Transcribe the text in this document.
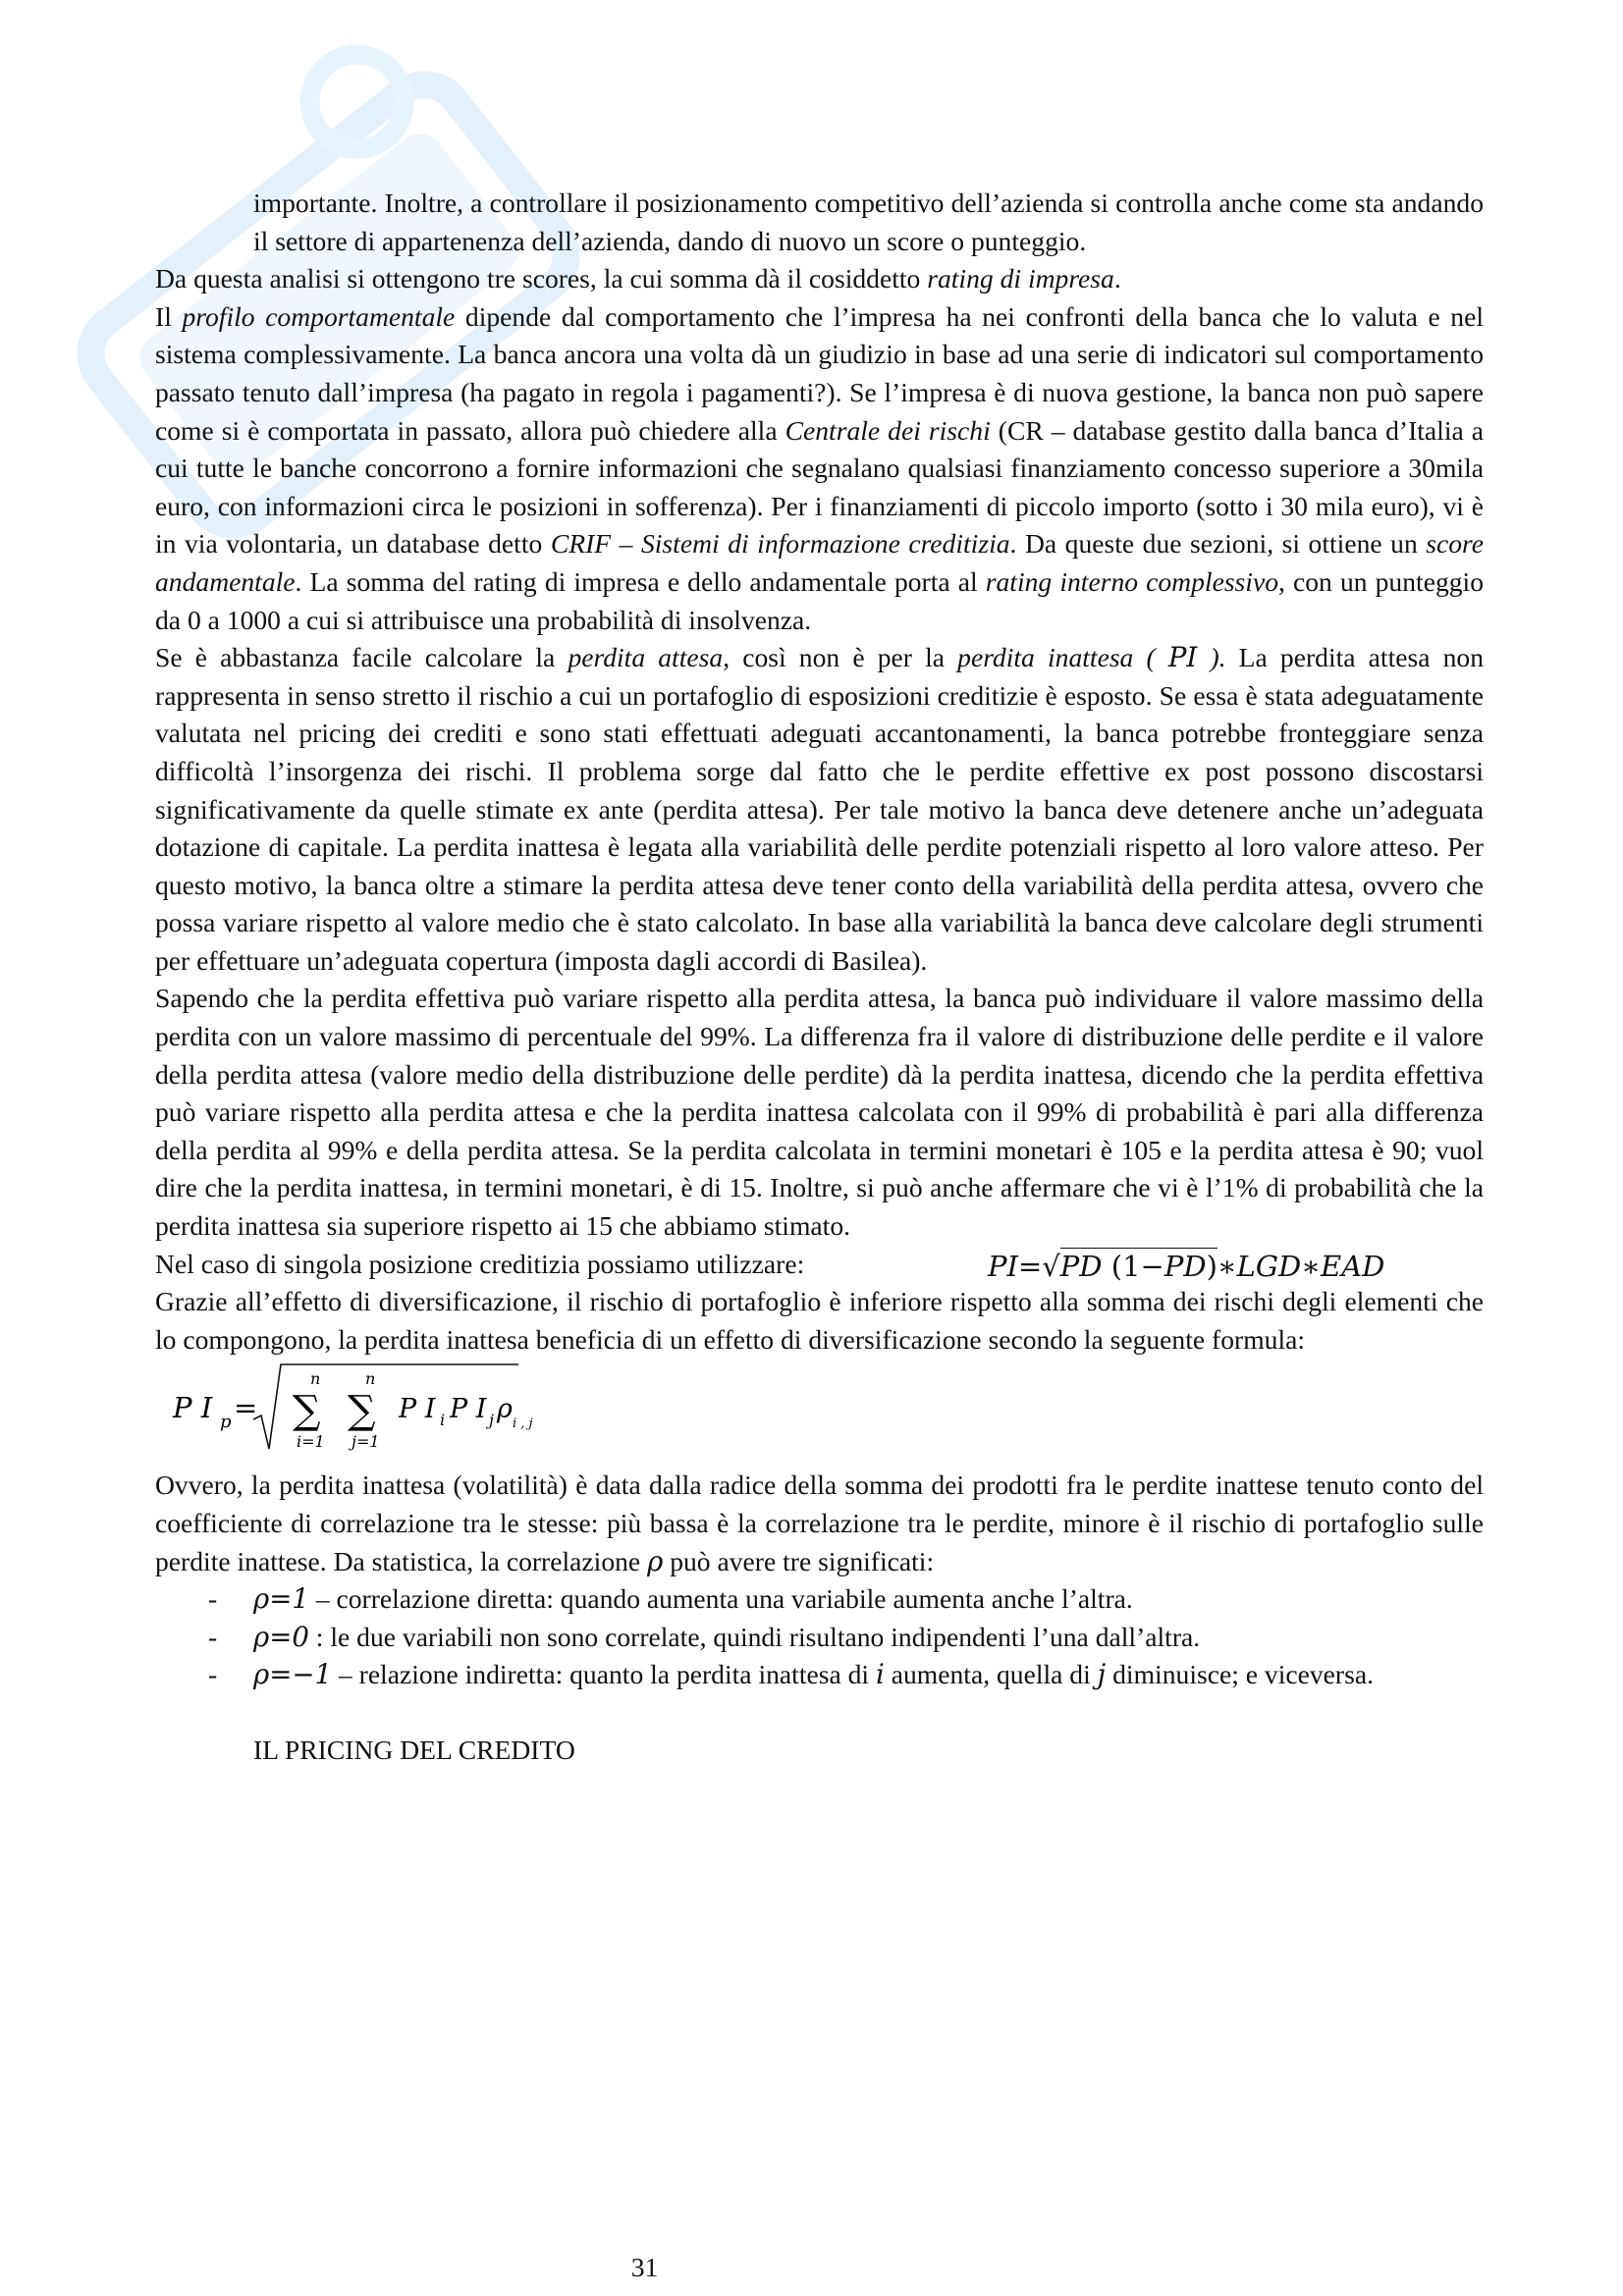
importante. Inoltre, a controllare il posizionamento competitivo dell’azienda si controlla anche come sta andando il settore di appartenenza dell’azienda, dando di nuovo un score o punteggio.

Da questa analisi si ottengono tre scores, la cui somma dà il cosiddetto rating di impresa.

Il profilo comportamentale dipende dal comportamento che l’impresa ha nei confronti della banca che lo valuta e nel sistema complessivamente. La banca ancora una volta dà un giudizio in base ad una serie di indicatori sul comportamento passato tenuto dall’impresa (ha pagato in regola i pagamenti?). Se l’impresa è di nuova gestione, la banca non può sapere come si è comportata in passato, allora può chiedere alla Centrale dei rischi (CR – database gestito dalla banca d’Italia a cui tutte le banche concorrono a fornire informazioni che segnalano qualsiasi finanziamento concesso superiore a 30mila euro, con informazioni circa le posizioni in sofferenza). Per i finanziamenti di piccolo importo (sotto i 30 mila euro), vi è in via volontaria, un database detto CRIF – Sistemi di informazione creditizia. Da queste due sezioni, si ottiene un score andamentale. La somma del rating di impresa e dello andamentale porta al rating interno complessivo, con un punteggio da 0 a 1000 a cui si attribuisce una probabilità di insolvenza.

Se è abbastanza facile calcolare la perdita attesa, così non è per la perdita inattesa ( PI ). La perdita attesa non rappresenta in senso stretto il rischio a cui un portafoglio di esposizioni creditizie è esposto. Se essa è stata adeguatamente valutata nel pricing dei crediti e sono stati effettuati adeguati accantonamenti, la banca potrebbe fronteggiare senza difficoltà l’insorgenza dei rischi. Il problema sorge dal fatto che le perdite effettive ex post possono discostarsi significativamente da quelle stimate ex ante (perdita attesa). Per tale motivo la banca deve detenere anche un’adeguata dotazione di capitale. La perdita inattesa è legata alla variabilità delle perdite potenziali rispetto al loro valore atteso. Per questo motivo, la banca oltre a stimare la perdita attesa deve tener conto della variabilità della perdita attesa, ovvero che possa variare rispetto al valore medio che è stato calcolato. In base alla variabilità la banca deve calcolare degli strumenti per effettuare un’adeguata copertura (imposta dagli accordi di Basilea).

Sapendo che la perdita effettiva può variare rispetto alla perdita attesa, la banca può individuare il valore massimo della perdita con un valore massimo di percentuale del 99%. La differenza fra il valore di distribuzione delle perdite e il valore della perdita attesa (valore medio della distribuzione delle perdite) dà la perdita inattesa, dicendo che la perdita effettiva può variare rispetto alla perdita attesa e che la perdita inattesa calcolata con il 99% di probabilità è pari alla differenza della perdita al 99% e della perdita attesa. Se la perdita calcolata in termini monetari è 105 e la perdita attesa è 90; vuol dire che la perdita inattesa, in termini monetari, è di 15. Inoltre, si può anche affermare che vi è l’1% di probabilità che la perdita inattesa sia superiore rispetto ai 15 che abbiamo stimato.

Nel caso di singola posizione creditizia possiamo utilizzare:	PI=√PD (1−PD)∗LGD∗EAD

Grazie all’effetto di diversificazione, il rischio di portafoglio è inferiore rispetto alla somma dei rischi degli elementi che lo compongono, la perdita inattesa beneficia di un effetto di diversificazione secondo la seguente formula:

P I p =
n
∑
i=1
n
∑
j=1
P I i P I j ρ i , j

Ovvero, la perdita inattesa (volatilità) è data dalla radice della somma dei prodotti fra le perdite inattese tenuto conto del coefficiente di correlazione tra le stesse: più bassa è la correlazione tra le perdite, minore è il rischio di portafoglio sulle perdite inattese. Da statistica, la correlazione ρ può avere tre significati:

- ρ=1 – correlazione diretta: quando aumenta una variabile aumenta anche l’altra.
- ρ=0 : le due variabili non sono correlate, quindi risultano indipendenti l’una dall’altra.
- ρ=−1 – relazione indiretta: quanto la perdita inattesa di i aumenta, quella di j diminuisce; e viceversa.

IL PRICING DEL CREDITO

31
